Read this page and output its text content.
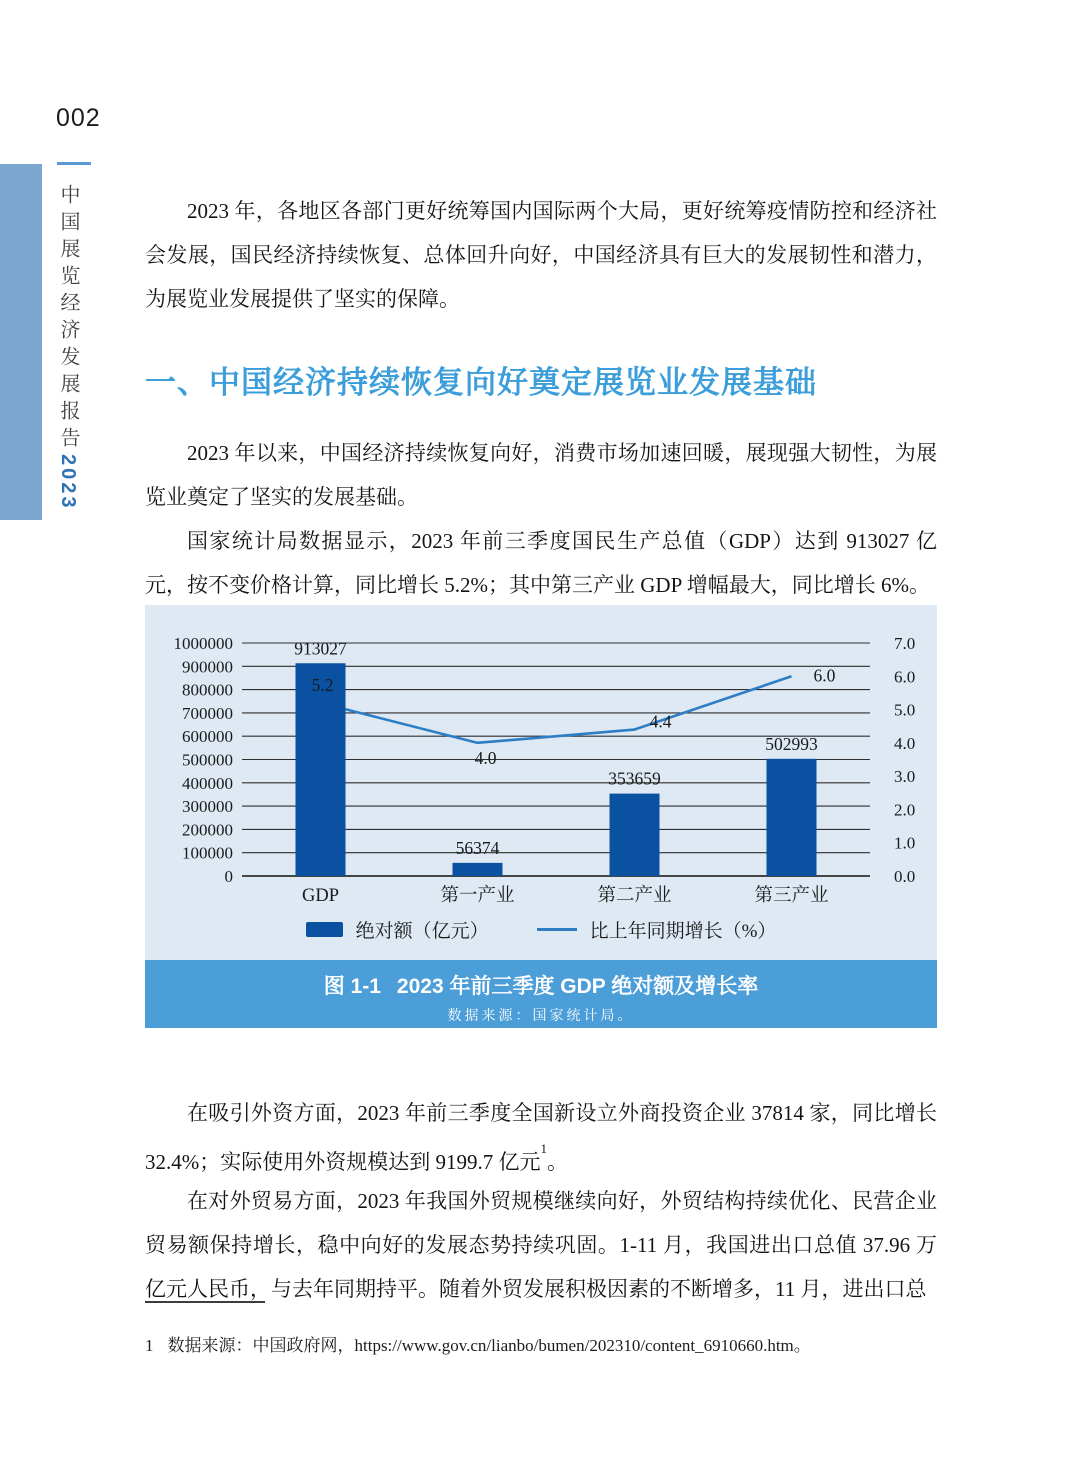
002
中国展览经济发展报告2023

2023 年，各地区各部门更好统筹国内国际两个大局，更好统筹疫情防控和经济社会发展，国民经济持续恢复、总体回升向好，中国经济具有巨大的发展韧性和潜力，为展览业发展提供了坚实的保障。

一、中国经济持续恢复向好奠定展览业发展基础

2023 年以来，中国经济持续恢复向好，消费市场加速回暖，展现强大韧性，为展览业奠定了坚实的发展基础。

国家统计局数据显示，2023 年前三季度国民生产总值（GDP）达到 913027 亿元，按不变价格计算，同比增长 5.2%；其中第三产业 GDP 增幅最大，同比增长 6%。

0
100000
200000
300000
400000
500000
600000
700000
800000
900000
1000000
0.0
1.0
2.0
3.0
4.0
5.0
6.0
7.0
913027
56374
353659
502993
5.2
4.0
4.4
6.0
GDP	第一产业	第二产业	第三产业
绝对额（亿元）	比上年同期增长（%）
图 1-1 2023 年前三季度 GDP 绝对额及增长率
数据来源：国家统计局。

在吸引外资方面，2023 年前三季度全国新设立外商投资企业 37814 家，同比增长 32.4%；实际使用外资规模达到 9199.7 亿元$^1$。

在对外贸易方面，2023 年我国外贸规模继续向好，外贸结构持续优化、民营企业贸易额保持增长，稳中向好的发展态势持续巩固。1-11 月，我国进出口总值 37.96 万亿元人民币，与去年同期持平。随着外贸发展积极因素的不断增多，11 月，进出口总

1 数据来源：中国政府网，https://www.gov.cn/lianbo/bumen/202310/content_6910660.htm。
